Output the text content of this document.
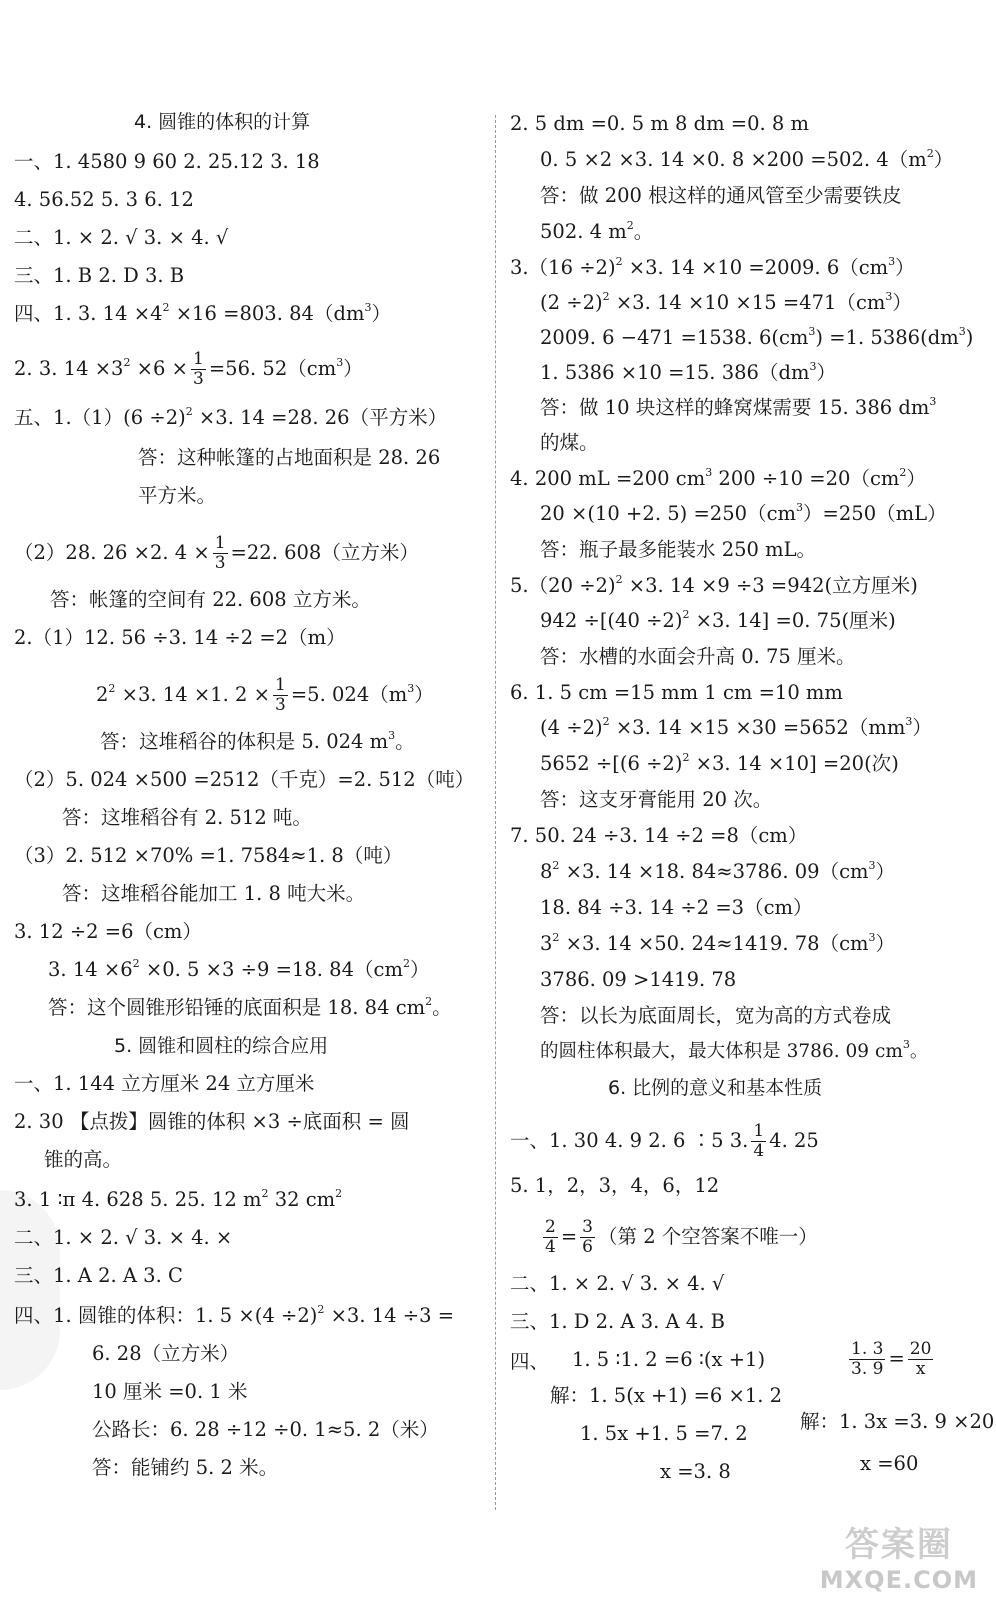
4. 圆锥的体积的计算
一、1. 4580 9 60 2. 25.12 3. 18
4. 56.52 5. 3 6. 12
二、1. × 2. √ 3. × 4. √
三、1. B 2. D 3. B
四、1. 3. $14 \times 4^2 \times 16 =803$. $84(dm^3)$
2. 3. $14 \times 3^2 \times 6 \times \frac{1}{3} =56$. $52(cm^3)$
五、$1.(1)(6 \div 2)^2 \times 3$. 14 =28. 26（平方米）
答：这种帐篷的占地面积是 28. 26
平方米。
（2）28. 26 ×2. $4 \times \frac{1}{3} =22$. 608（立方米）
答：帐篷的空间有 22. 608 立方米。
2.（1）12. 56 ÷3. 14 ÷2 =2（m）
$2^2 \times 3$. 14 ×1. $2 \times \frac{1}{3} =5$. $024(m^3)$
答：这堆稻谷的体积是 5. 024 $m^3$。
（2）5. 024 ×500 =2512（千克）=2. 512（吨）
答：这堆稻谷有 2. 512 吨。
（3）2. 512 ×70% =1. 7584≈1. 8（吨）
答：这堆稻谷能加工 1. 8 吨大米。
3. 12 ÷2 =6（cm）
3. $14 \times 6^2 \times 0$. 5 ×3 ÷9 =18. $84(cm^2)$
答：这个圆锥形铅锤的底面积是 18. 84 $cm^2$。
5. 圆锥和圆柱的综合应用
一、1. 144 立方厘米 24 立方厘米
2. 30 【点拨】圆锥的体积 ×3 ÷底面积 = 圆
锥的高。
3. 1 ∶π 4. 628 5. 25. 12 $m^2$ 32 $cm^2$
二、1. × 2. √ 3. × 4. ×
三、1. A 2. A 3. C
四、1. 圆锥的体积：1. $5 \times(4 \div 2)^2 \times 3$. 14 ÷3 =
6. 28（立方米）
10 厘米 =0. 1 米
公路长：6. 28 ÷12 ÷0. 1≈5. 2（米）
答：能铺约 5. 2 米。
2. 5 dm =0. 5 m 8 dm =0. 8 m
0. 5 ×2 ×3. 14 ×0. 8 ×200 =502. $4(m^2)$
答：做 200 根这样的通风管至少需要铁皮
502. 4 $m^2$。
3.（16 ÷2)$^2$ ×3. 14 ×10 =2009. $6(cm^3)$
$(2 \div 2)^2 \times 3$. $14 \times 10 \times 15 =471(cm^3)$
2009. 6 −471 =1538. $6(cm^3) =1$. $5386(dm^3)$
1. 5386 ×10 =15. $386(dm^3)$
答：做 10 块这样的蜂窝煤需要 15. 386 $dm^3$
的煤。
4. 200 mL =200 $cm^3$ $200 \div 10 =20(cm^2)$
20 ×(10 +2. $5) =250(cm^3)=250(mL)$
答：瓶子最多能装水 250 mL。
5.（20 ÷2)$^2$ ×3. 14 ×9 ÷3 =942(立方厘米)
$942 \div[(40 \div 2)^2 \times 3$. 14] =0. 75(厘米)
答：水槽的水面会升高 0. 75 厘米。
6. 1. 5 cm =15 mm 1 cm =10 mm
$(4 \div 2)^2 \times 3$. $14 \times 15 \times 30 =5652(mm^3)$
$5652 \div[(6 \div 2)^2 \times 3$. 14 ×10] =20(次)
答：这支牙膏能用 20 次。
7. 50. 24 ÷3. 14 ÷2 =8（cm）
$8^2 \times 3$. 14 ×18. 84≈3786. $09(cm^3)$
18. 84 ÷3. 14 ÷2 =3（cm）
$3^2 \times 3$. 14 ×50. 24≈1419. $78(cm^3)$
3786. 09 >1419. 78
答：以长为底面周长，宽为高的方式卷成
的圆柱体积最大，最大体积是 3786. 09 $cm^3$。
6. 比例的意义和基本性质
一、1. 30 4. 9 2. 6 ∶5 3. $\frac{1}{4} 4$. 25
5. 1，2，3，4，6，12
$\frac{2}{4} = \frac{3}{6}$ （第 2 个空答案不唯一）
二、1. × 2. √ 3. × 4. √
三、1. D 2. A 3. A 4. B
四、 1. 5 ∶1. 2 =6 ∶(x +1)
解：1. 5(x +1) =6 ×1. 2
1. 5x +1. 5 =7. 2
x =3. 8
$\frac{1. 3}{3. 9} = \frac{20}{x}$
解：1. 3x =3. 9 ×20
x =60
答案圈
MXQE.COM
